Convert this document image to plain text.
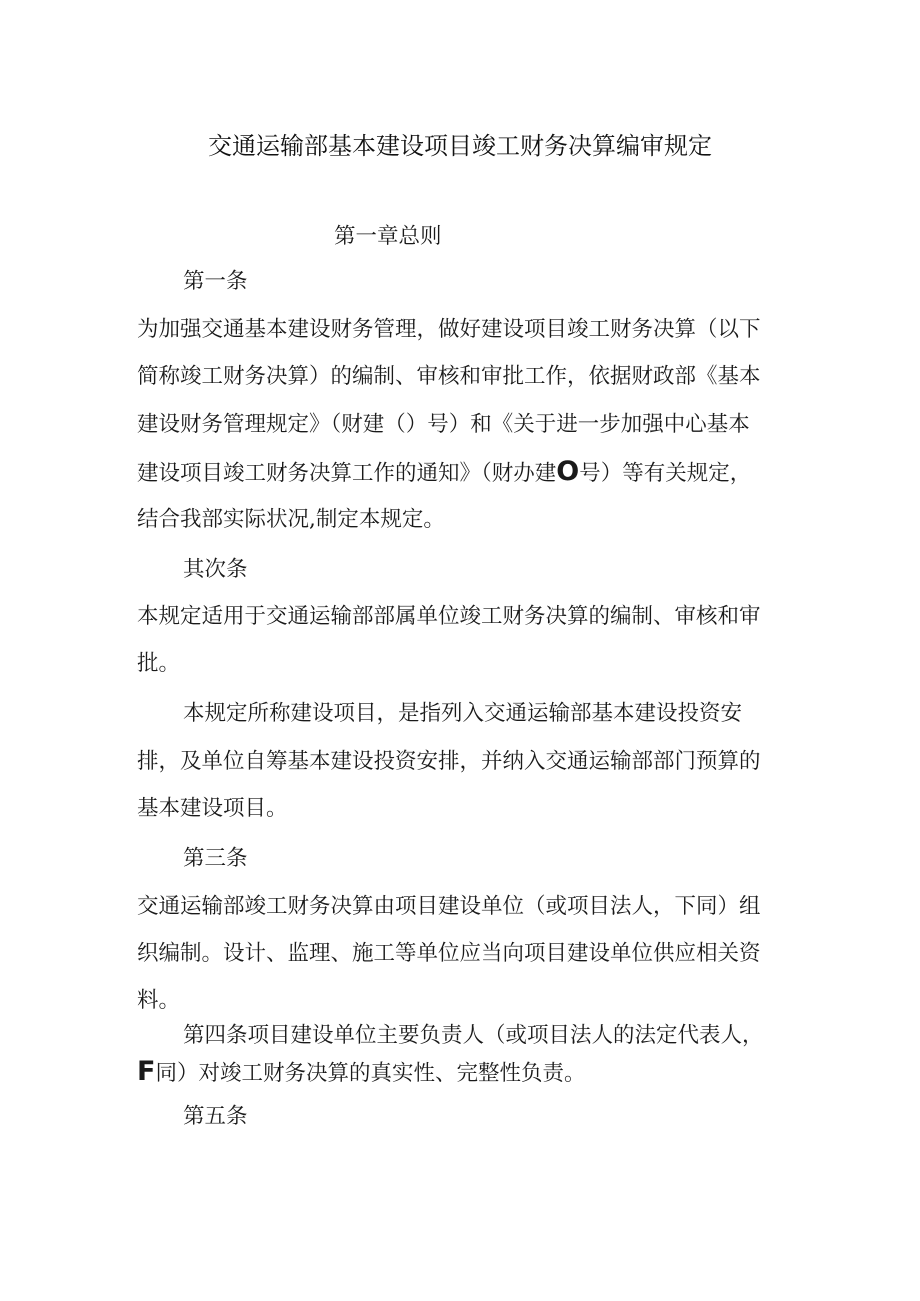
交通运输部基本建设项目竣工财务决算编审规定
第一章总则
第一条
为加强交通基本建设财务管理，做好建设项目竣工财务决算（以下
简称竣工财务决算）的编制、审核和审批工作，依据财政部《基本
建设财务管理规定》（财建（）号）和《关于进一步加强中心基本
建设项目竣工财务决算工作的通知》（财办建O号）等有关规定，
结合我部实际状况,制定本规定。
其次条
本规定适用于交通运输部部属单位竣工财务决算的编制、审核和审
批。
本规定所称建设项目，是指列入交通运输部基本建设投资安
排，及单位自筹基本建设投资安排，并纳入交通运输部部门预算的
基本建设项目。
第三条
交通运输部竣工财务决算由项目建设单位（或项目法人，下同）组
织编制。设计、监理、施工等单位应当向项目建设单位供应相关资
料。
第四条项目建设单位主要负责人（或项目法人的法定代表人，
F同）对竣工财务决算的真实性、完整性负责。
第五条
